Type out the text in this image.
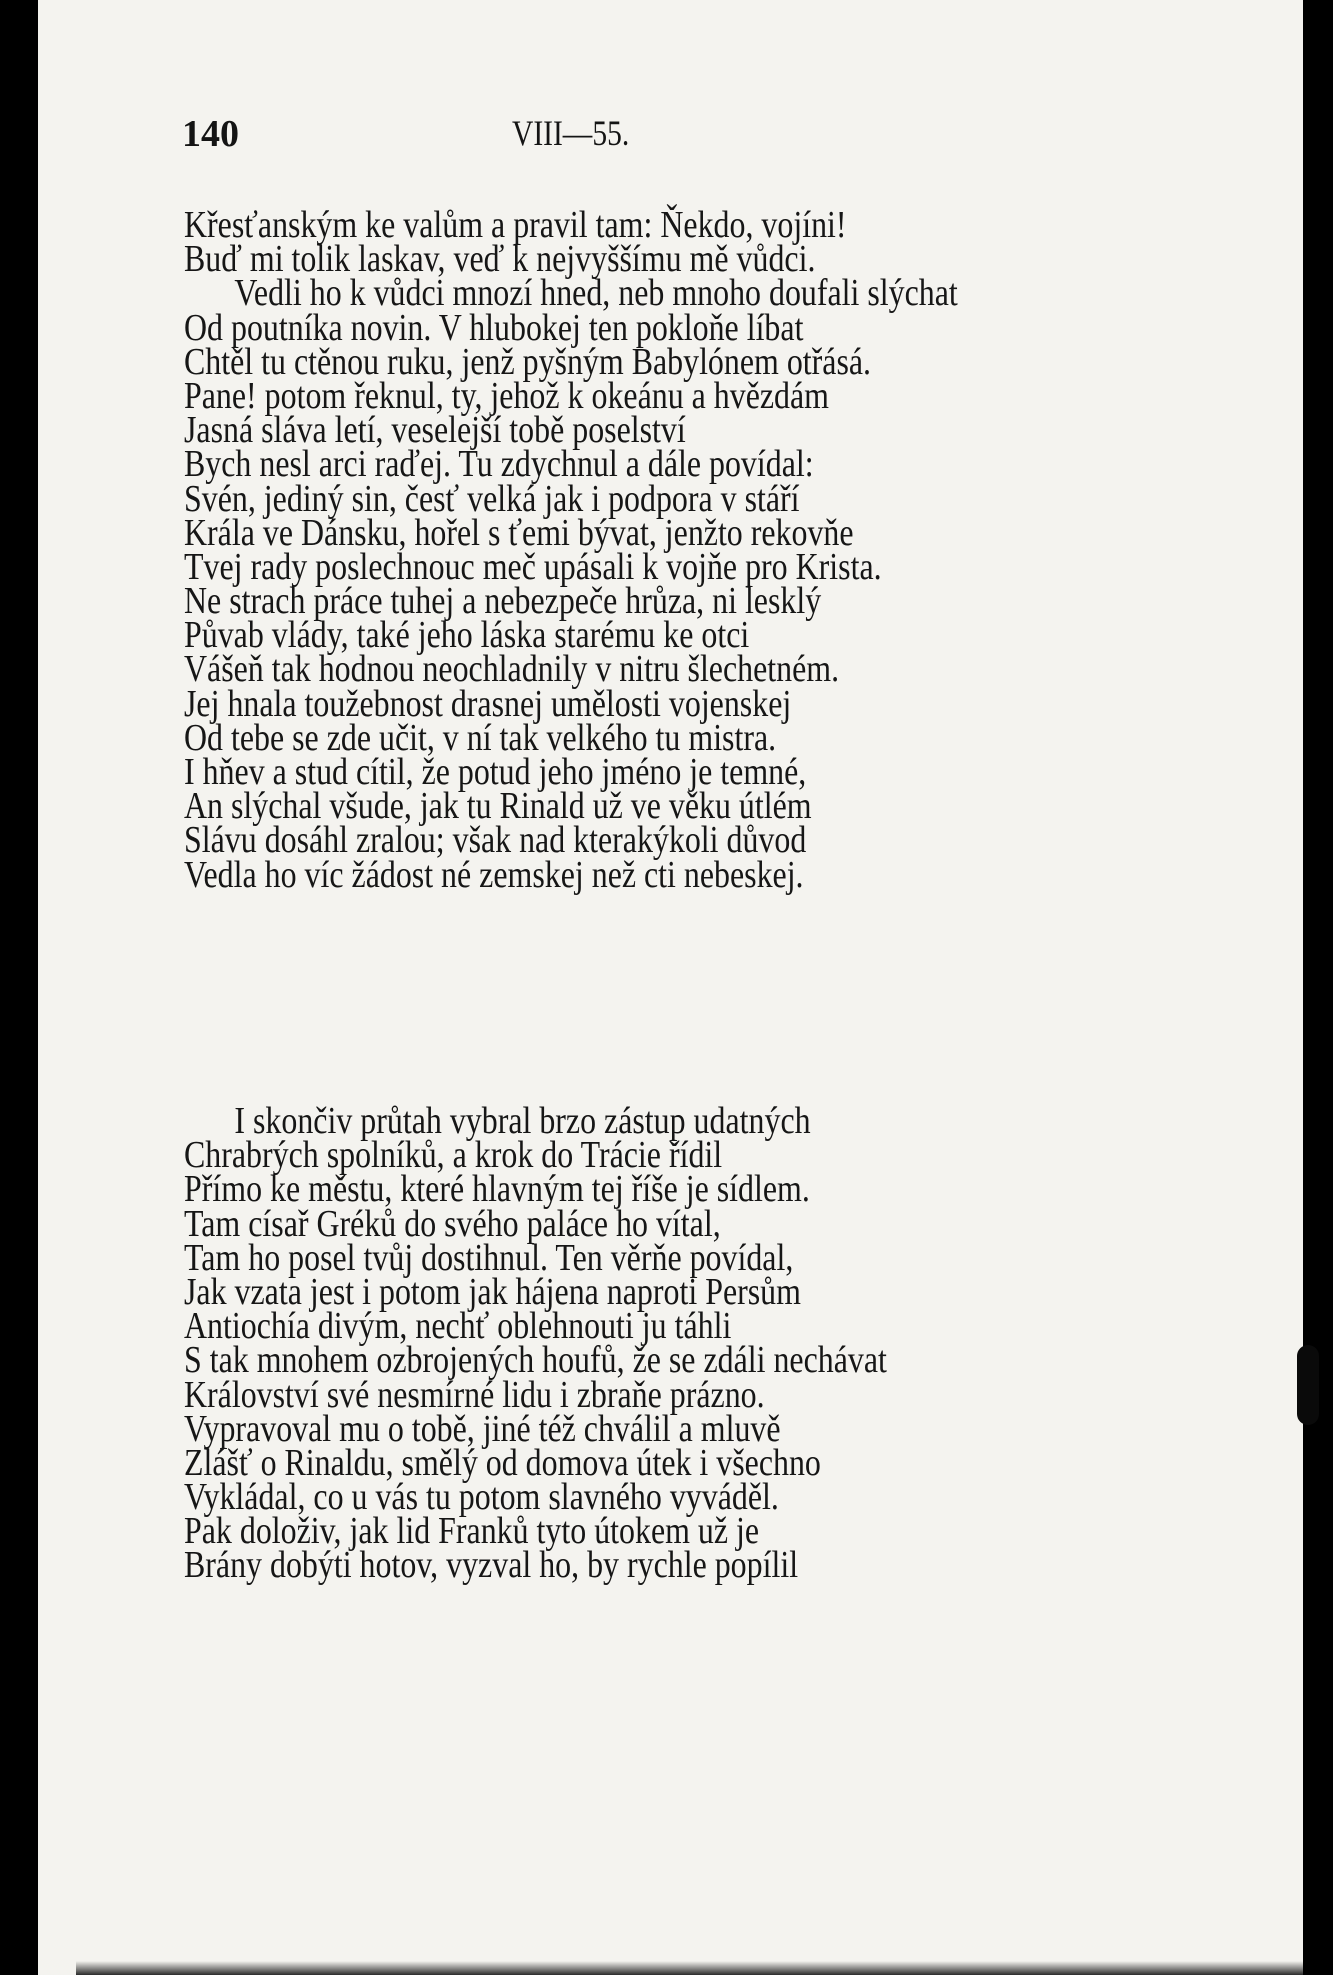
140	VIII—55.
Křesťanským ke valům a pravil tam: Ňekdo, vojíni!
Buď mi tolik laskav, veď k nejvyššímu mě vůdci.
Vedli ho k vůdci mnozí hned, neb mnoho doufali slýchat
Od poutníka novin. V hlubokej ten pokloňe líbat
Chtěl tu ctěnou ruku, jenž pyšným Babylónem otřásá.
Pane! potom řeknul, ty, jehož k okeánu a hvězdám
Jasná sláva letí, veselejší tobě poselství
Bych nesl arci raďej. Tu zdychnul a dále povídal:
Svén, jediný sin, česť velká jak i podpora v stáří
Krála ve Dánsku, hořel s ťemi bývat, jenžto rekovňe
Tvej rady poslechnouc meč upásali k vojňe pro Krista.
Ne strach práce tuhej a nebezpeče hrůza, ni lesklý
Půvab vlády, také jeho láska starému ke otci
Vášeň tak hodnou neochladnily v nitru šlechetném.
Jej hnala toužebnost drasnej umělosti vojenskej
Od tebe se zde učit, v ní tak velkého tu mistra.
I hňev a stud cítil, že potud jeho jméno je temné,
An slýchal všude, jak tu Rinald už ve věku útlém
Slávu dosáhl zralou; však nad kterakýkoli důvod
Vedla ho víc žádost né zemskej než cti nebeskej.
I skončiv průtah vybral brzo zástup udatných
Chrabrých spolníků, a krok do Trácie řídil
Přímo ke městu, které hlavným tej říše je sídlem.
Tam císař Gréků do svého paláce ho vítal,
Tam ho posel tvůj dostihnul. Ten věrňe povídal,
Jak vzata jest i potom jak hájena naproti Persům
Antiochía divým, nechť oblehnouti ju táhli
S tak mnohem ozbrojených houfů, že se zdáli nechávat
Království své nesmírné lidu i zbraňe prázno.
Vypravoval mu o tobě, jiné též chválil a mluvě
Zlášť o Rinaldu, smělý od domova útek i všechno
Vykládal, co u vás tu potom slavného vyváděl.
Pak doloživ, jak lid Franků tyto útokem už je
Brány dobýti hotov, vyzval ho, by rychle popílil
